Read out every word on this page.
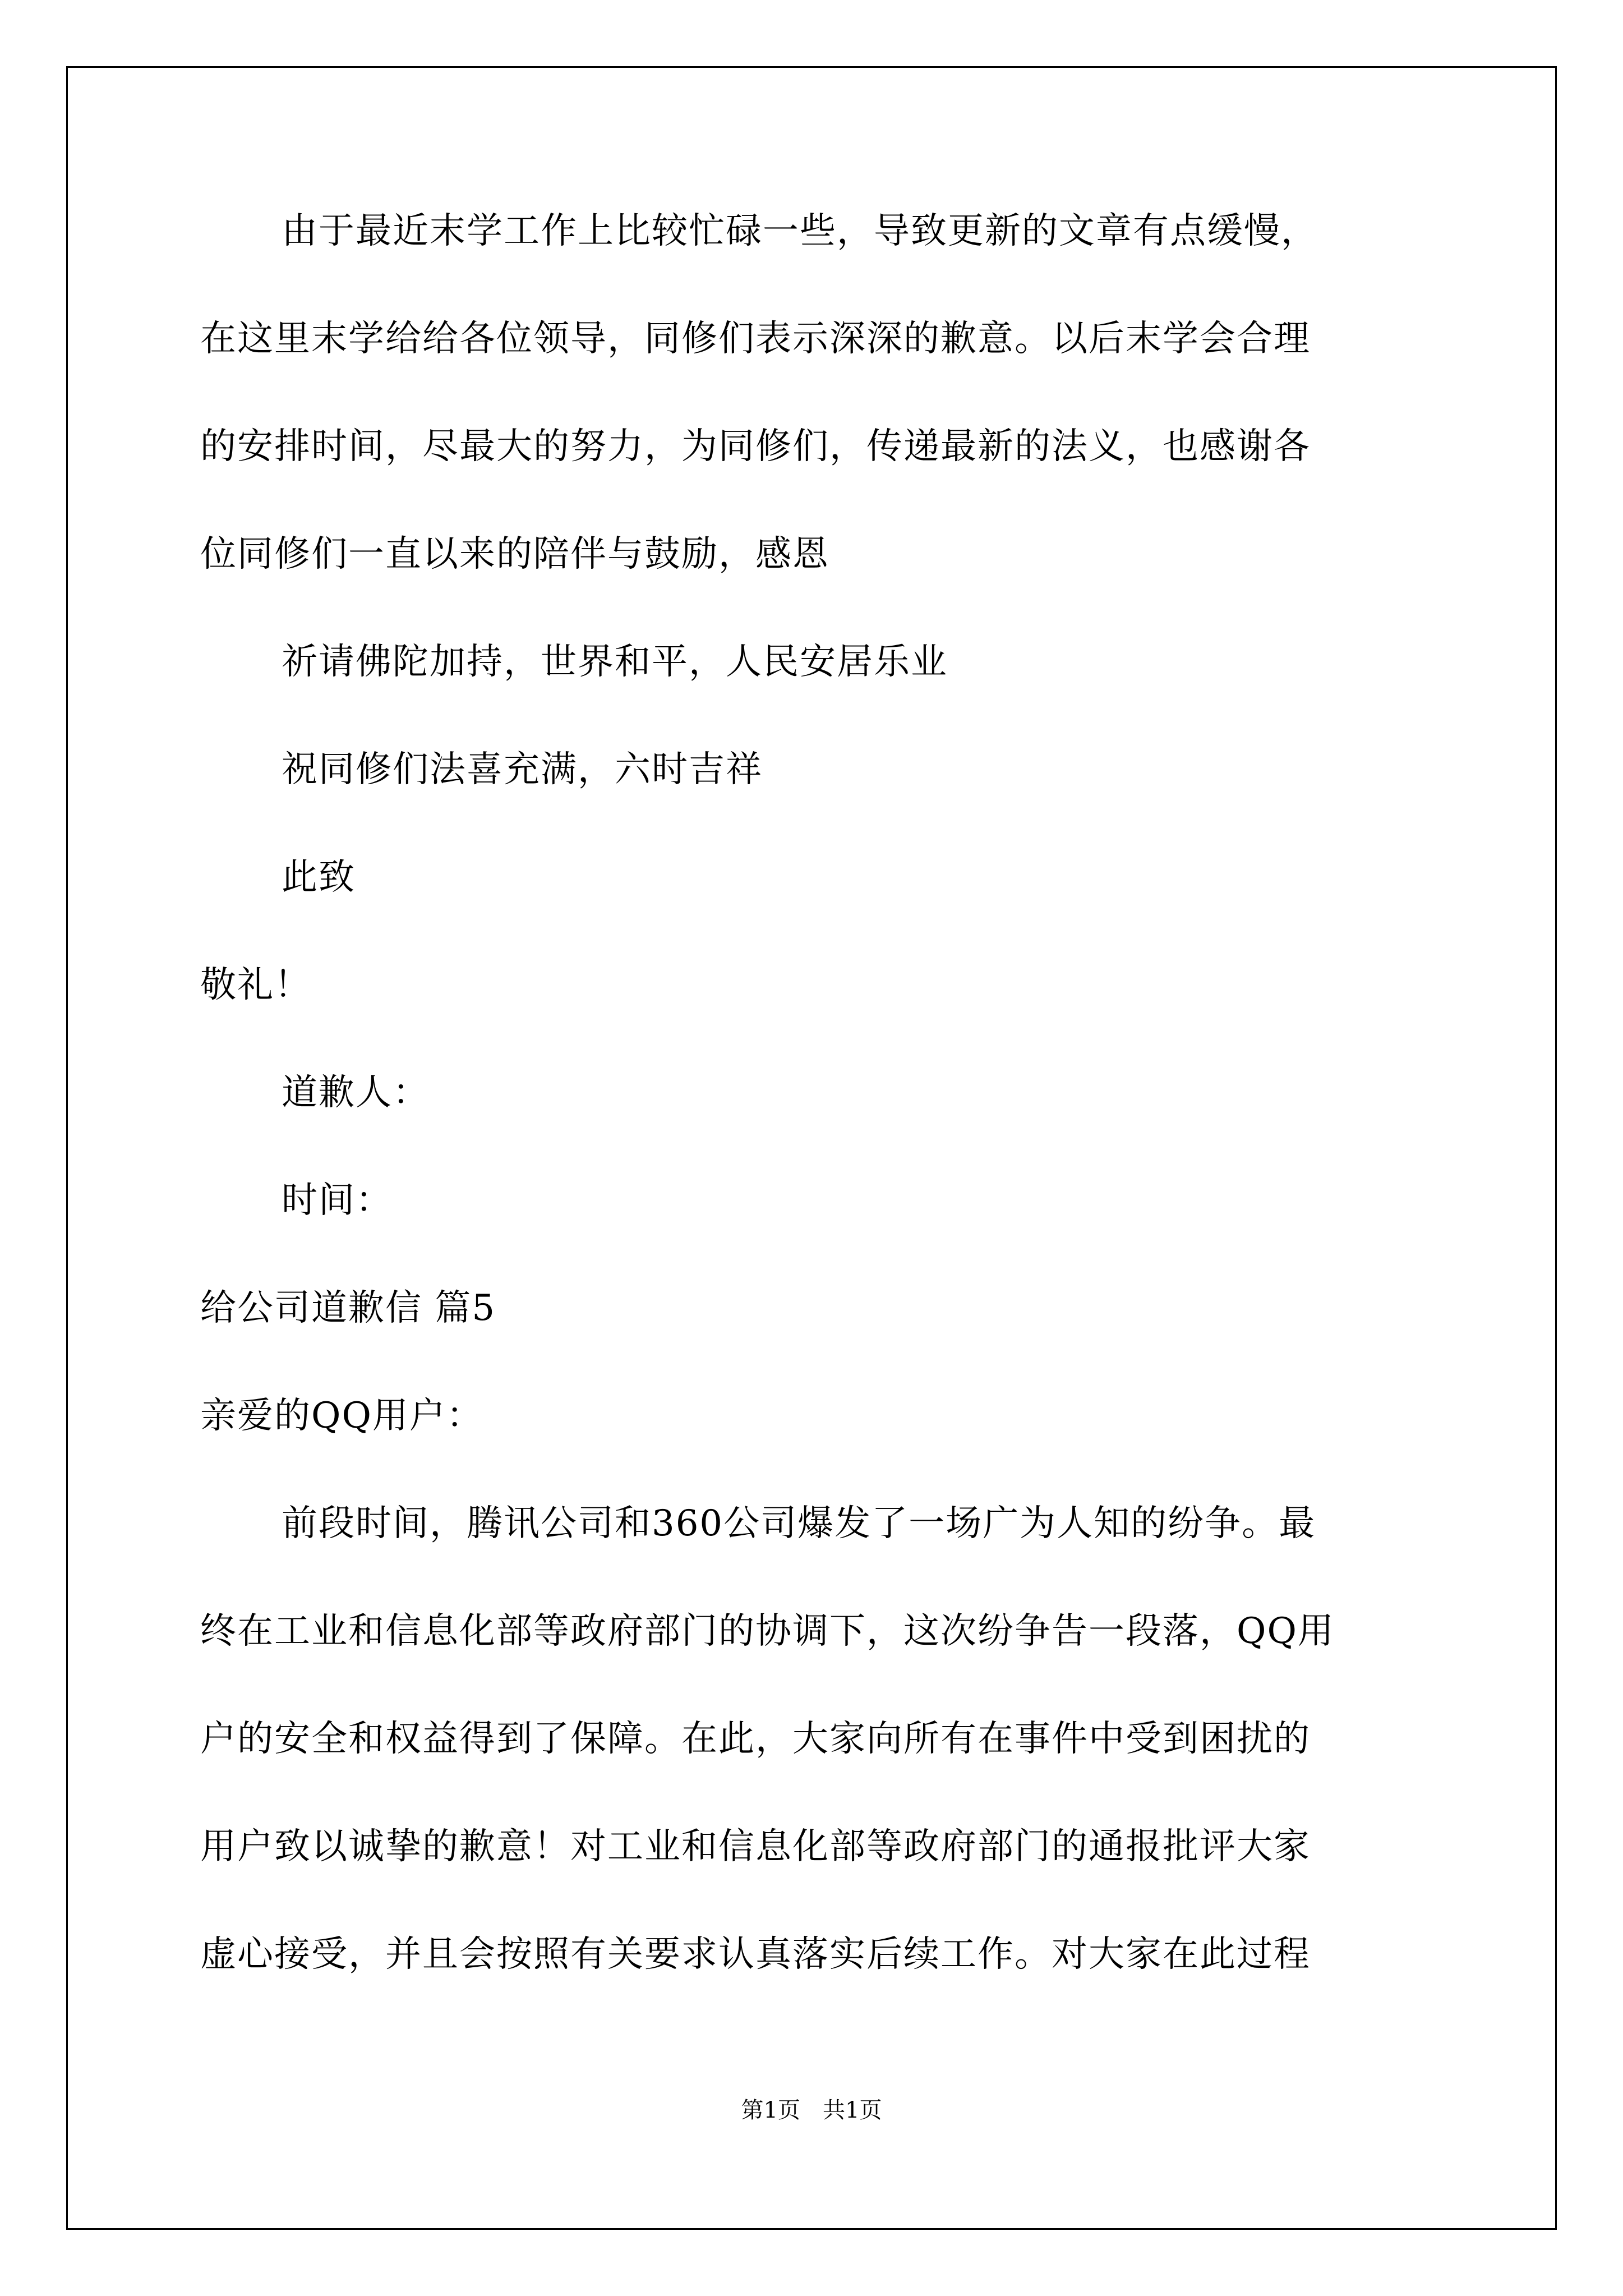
由于最近末学工作上比较忙碌一些，导致更新的文章有点缓慢，
在这里末学给给各位领导，同修们表示深深的歉意。以后末学会合理
的安排时间，尽最大的努力，为同修们，传递最新的法义，也感谢各
位同修们一直以来的陪伴与鼓励，感恩
祈请佛陀加持，世界和平，人民安居乐业
祝同修们法喜充满，六时吉祥
此致
敬礼！
道歉人：
时间：
给公司道歉信 篇5
亲爱的QQ用户：
前段时间，腾讯公司和360公司爆发了一场广为人知的纷争。最
终在工业和信息化部等政府部门的协调下，这次纷争告一段落，QQ用
户的安全和权益得到了保障。在此，大家向所有在事件中受到困扰的
用户致以诚挚的歉意！对工业和信息化部等政府部门的通报批评大家
虚心接受，并且会按照有关要求认真落实后续工作。对大家在此过程
第1页　共1页
